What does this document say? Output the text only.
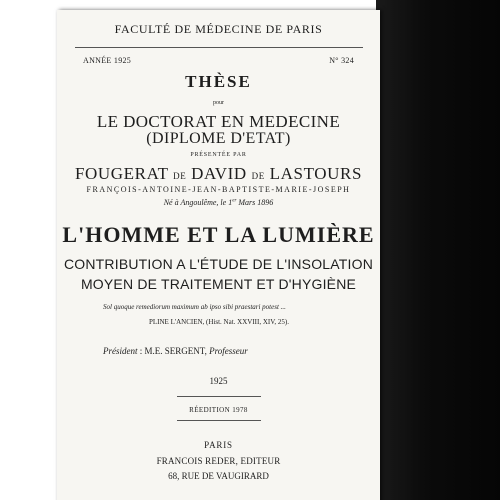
FACULTÉ DE MÉDECINE DE PARIS
ANNÉE 1925	N° 324
THÈSE
pour
LE DOCTORAT EN MEDECINE
(DIPLOME D'ETAT)
PRÉSENTÉE PAR
FOUGERAT DE DAVID DE LASTOURS
FRANÇOIS-ANTOINE-JEAN-BAPTISTE-MARIE-JOSEPH
Né à Angoulême, le 1er Mars 1896
L'HOMME ET LA LUMIÈRE
CONTRIBUTION A L'ÉTUDE DE L'INSOLATION
MOYEN DE TRAITEMENT ET D'HYGIÈNE
Sol quoque remediorum maximum ab ipso sibi praestari potest ...
PLINE L'ANCIEN, (Hist. Nat. XXVIII, XIV, 25).
Président : M.E. SERGENT, Professeur
1925
RÉEDITION 1978
PARIS
FRANCOIS REDER, EDITEUR
68, RUE DE VAUGIRARD
